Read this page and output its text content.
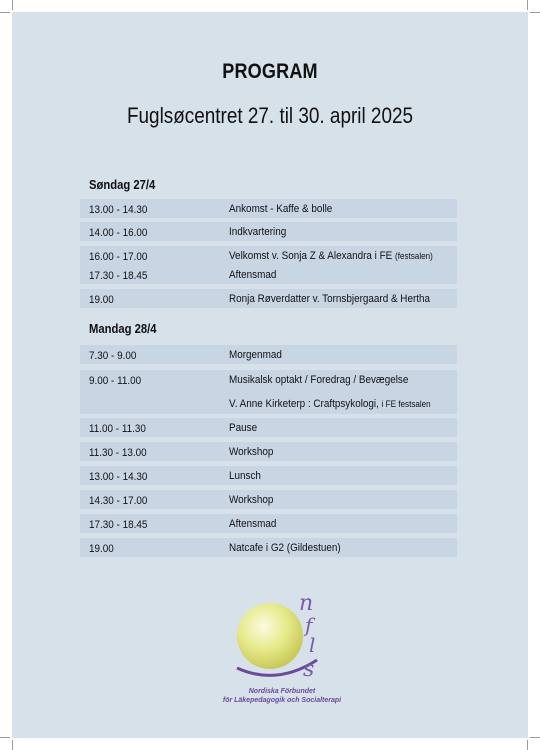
PROGRAM
Fuglsøcentret 27. til 30. april 2025
Søndag 27/4
13.00 - 14.30	Ankomst - Kaffe & bolle
14.00 - 16.00	Indkvartering
16.00 - 17.00	Velkomst v. Sonja Z & Alexandra i FE (festsalen)
17.30 - 18.45	Aftensmad
19.00	Ronja Røverdatter v. Tornsbjergaard & Hertha
Mandag 28/4
7.30 - 9.00	Morgenmad
9.00 - 11.00	Musikalsk optakt / Foredrag / Bevægelse
V. Anne Kirketerp : Craftpsykologi, i FE festsalen
11.00 - 11.30	Pause
11.30 - 13.00	Workshop
13.00 - 14.30	Lunsch
14.30 - 17.00	Workshop
17.30 - 18.45	Aftensmad
19.00	Natcafe i G2 (Gildestuen)
n
f
l
s
Nordiska Förbundet
för Läkepedagogik och Socialterapi
